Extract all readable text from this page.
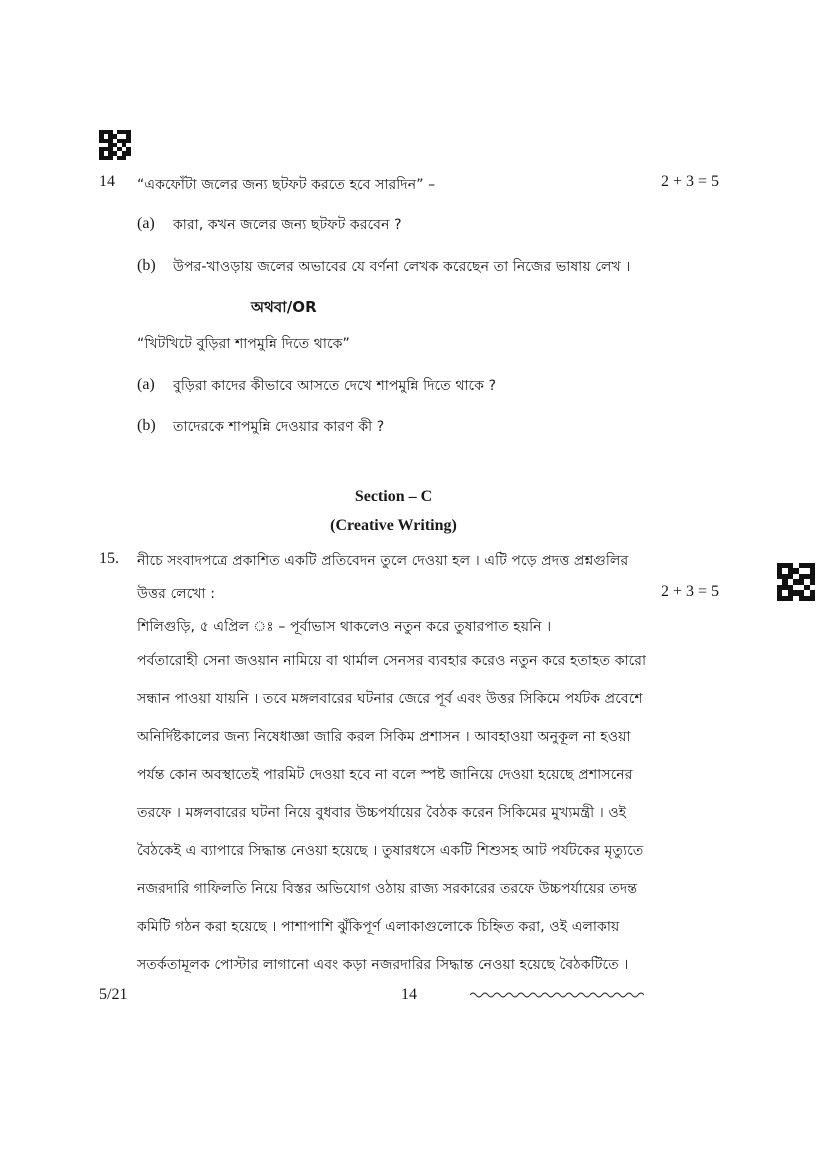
14 “একফোঁটা জলের জন্য ছটফট করতে হবে সারদিন” –	2 + 3 = 5
(a) কারা, কখন জলের জন্য ছটফট করবেন ?
(b) উপর-খাওড়ায় জলের অভাবের যে বর্ণনা লেখক করেছেন তা নিজের ভাষায় লেখ ।
অথবা/OR
“খিটখিটে বুড়িরা শাপমুন্নি দিতে থাকে”
(a) বুড়িরা কাদের কীভাবে আসতে দেখে শাপমুন্নি দিতে থাকে ?
(b) তাদেরকে শাপমুন্নি দেওয়ার কারণ কী ?
Section – C
(Creative Writing)
15. নীচে সংবাদপত্রে প্রকাশিত একটি প্রতিবেদন তুলে দেওয়া হল । এটি পড়ে প্রদত্ত প্রশ্নগুলির
উত্তর লেখো :	2 + 3 = 5
শিলিগুড়ি, ৫ এপ্রিল ঃ – পূর্বাভাস থাকলেও নতুন করে তুষারপাত হয়নি ।
পর্বতারোহী সেনা জওয়ান নামিয়ে বা থার্মাল সেনসর ব্যবহার করেও নতুন করে হতাহত কারো
সন্ধান পাওয়া যায়নি । তবে মঙ্গলবারের ঘটনার জেরে পূর্ব এবং উত্তর সিকিমে পর্যটক প্রবেশে
অনির্দিষ্টকালের জন্য নিষেধাজ্ঞা জারি করল সিকিম প্রশাসন । আবহাওয়া অনুকূল না হওয়া
পর্যন্ত কোন অবস্থাতেই পারমিট দেওয়া হবে না বলে স্পষ্ট জানিয়ে দেওয়া হয়েছে প্রশাসনের
তরফে । মঙ্গলবারের ঘটনা নিয়ে বুধবার উচ্চপর্যায়ের বৈঠক করেন সিকিমের মুখ্যমন্ত্রী । ওই
বৈঠকেই এ ব্যাপারে সিদ্ধান্ত নেওয়া হয়েছে । তুষারধসে একটি শিশুসহ আট পর্যটকের মৃত্যুতে
নজরদারি গাফিলতি নিয়ে বিস্তর অভিযোগ ওঠায় রাজ্য সরকারের তরফে উচ্চপর্যায়ের তদন্ত
কমিটি গঠন করা হয়েছে । পাশাপাশি ঝুঁকিপূর্ণ এলাকাগুলোকে চিহ্নিত করা, ওই এলাকায়
সতর্কতামূলক পোস্টার লাগানো এবং কড়া নজরদারির সিদ্ধান্ত নেওয়া হয়েছে বৈঠকটিতে ।
5/21	14
